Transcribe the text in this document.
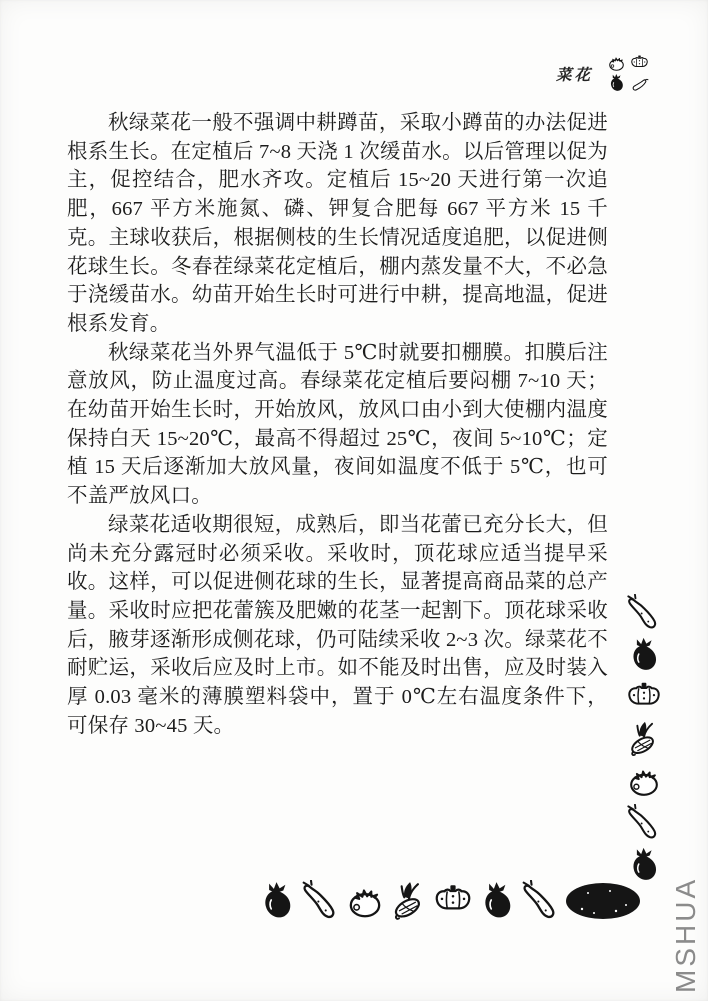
菜花

秋绿菜花一般不强调中耕蹲苗，采取小蹲苗的办法促进根系生长。在定植后 7~8 天浇 1 次缓苗水。以后管理以促为主，促控结合，肥水齐攻。定植后 15~20 天进行第一次追肥，667 平方米施氮、磷、钾复合肥每 667 平方米 15 千克。主球收获后，根据侧枝的生长情况适度追肥，以促进侧花球生长。冬春茬绿菜花定植后，棚内蒸发量不大，不必急于浇缓苗水。幼苗开始生长时可进行中耕，提高地温，促进根系发育。

秋绿菜花当外界气温低于 5℃时就要扣棚膜。扣膜后注意放风，防止温度过高。春绿菜花定植后要闷棚 7~10 天；在幼苗开始生长时，开始放风，放风口由小到大使棚内温度保持白天 15~20℃，最高不得超过 25℃，夜间 5~10℃；定植 15 天后逐渐加大放风量，夜间如温度不低于 5℃，也可不盖严放风口。

绿菜花适收期很短，成熟后，即当花蕾已充分长大，但尚未充分露冠时必须采收。采收时，顶花球应适当提早采收。这样，可以促进侧花球的生长，显著提高商品菜的总产量。采收时应把花蕾簇及肥嫩的花茎一起割下。顶花球采收后，腋芽逐渐形成侧花球，仍可陆续采收 2~3 次。绿菜花不耐贮运，采收后应及时上市。如不能及时出售，应及时装入厚 0.03 毫米的薄膜塑料袋中，置于 0℃左右温度条件下，可保存 30~45 天。

MSHUA
